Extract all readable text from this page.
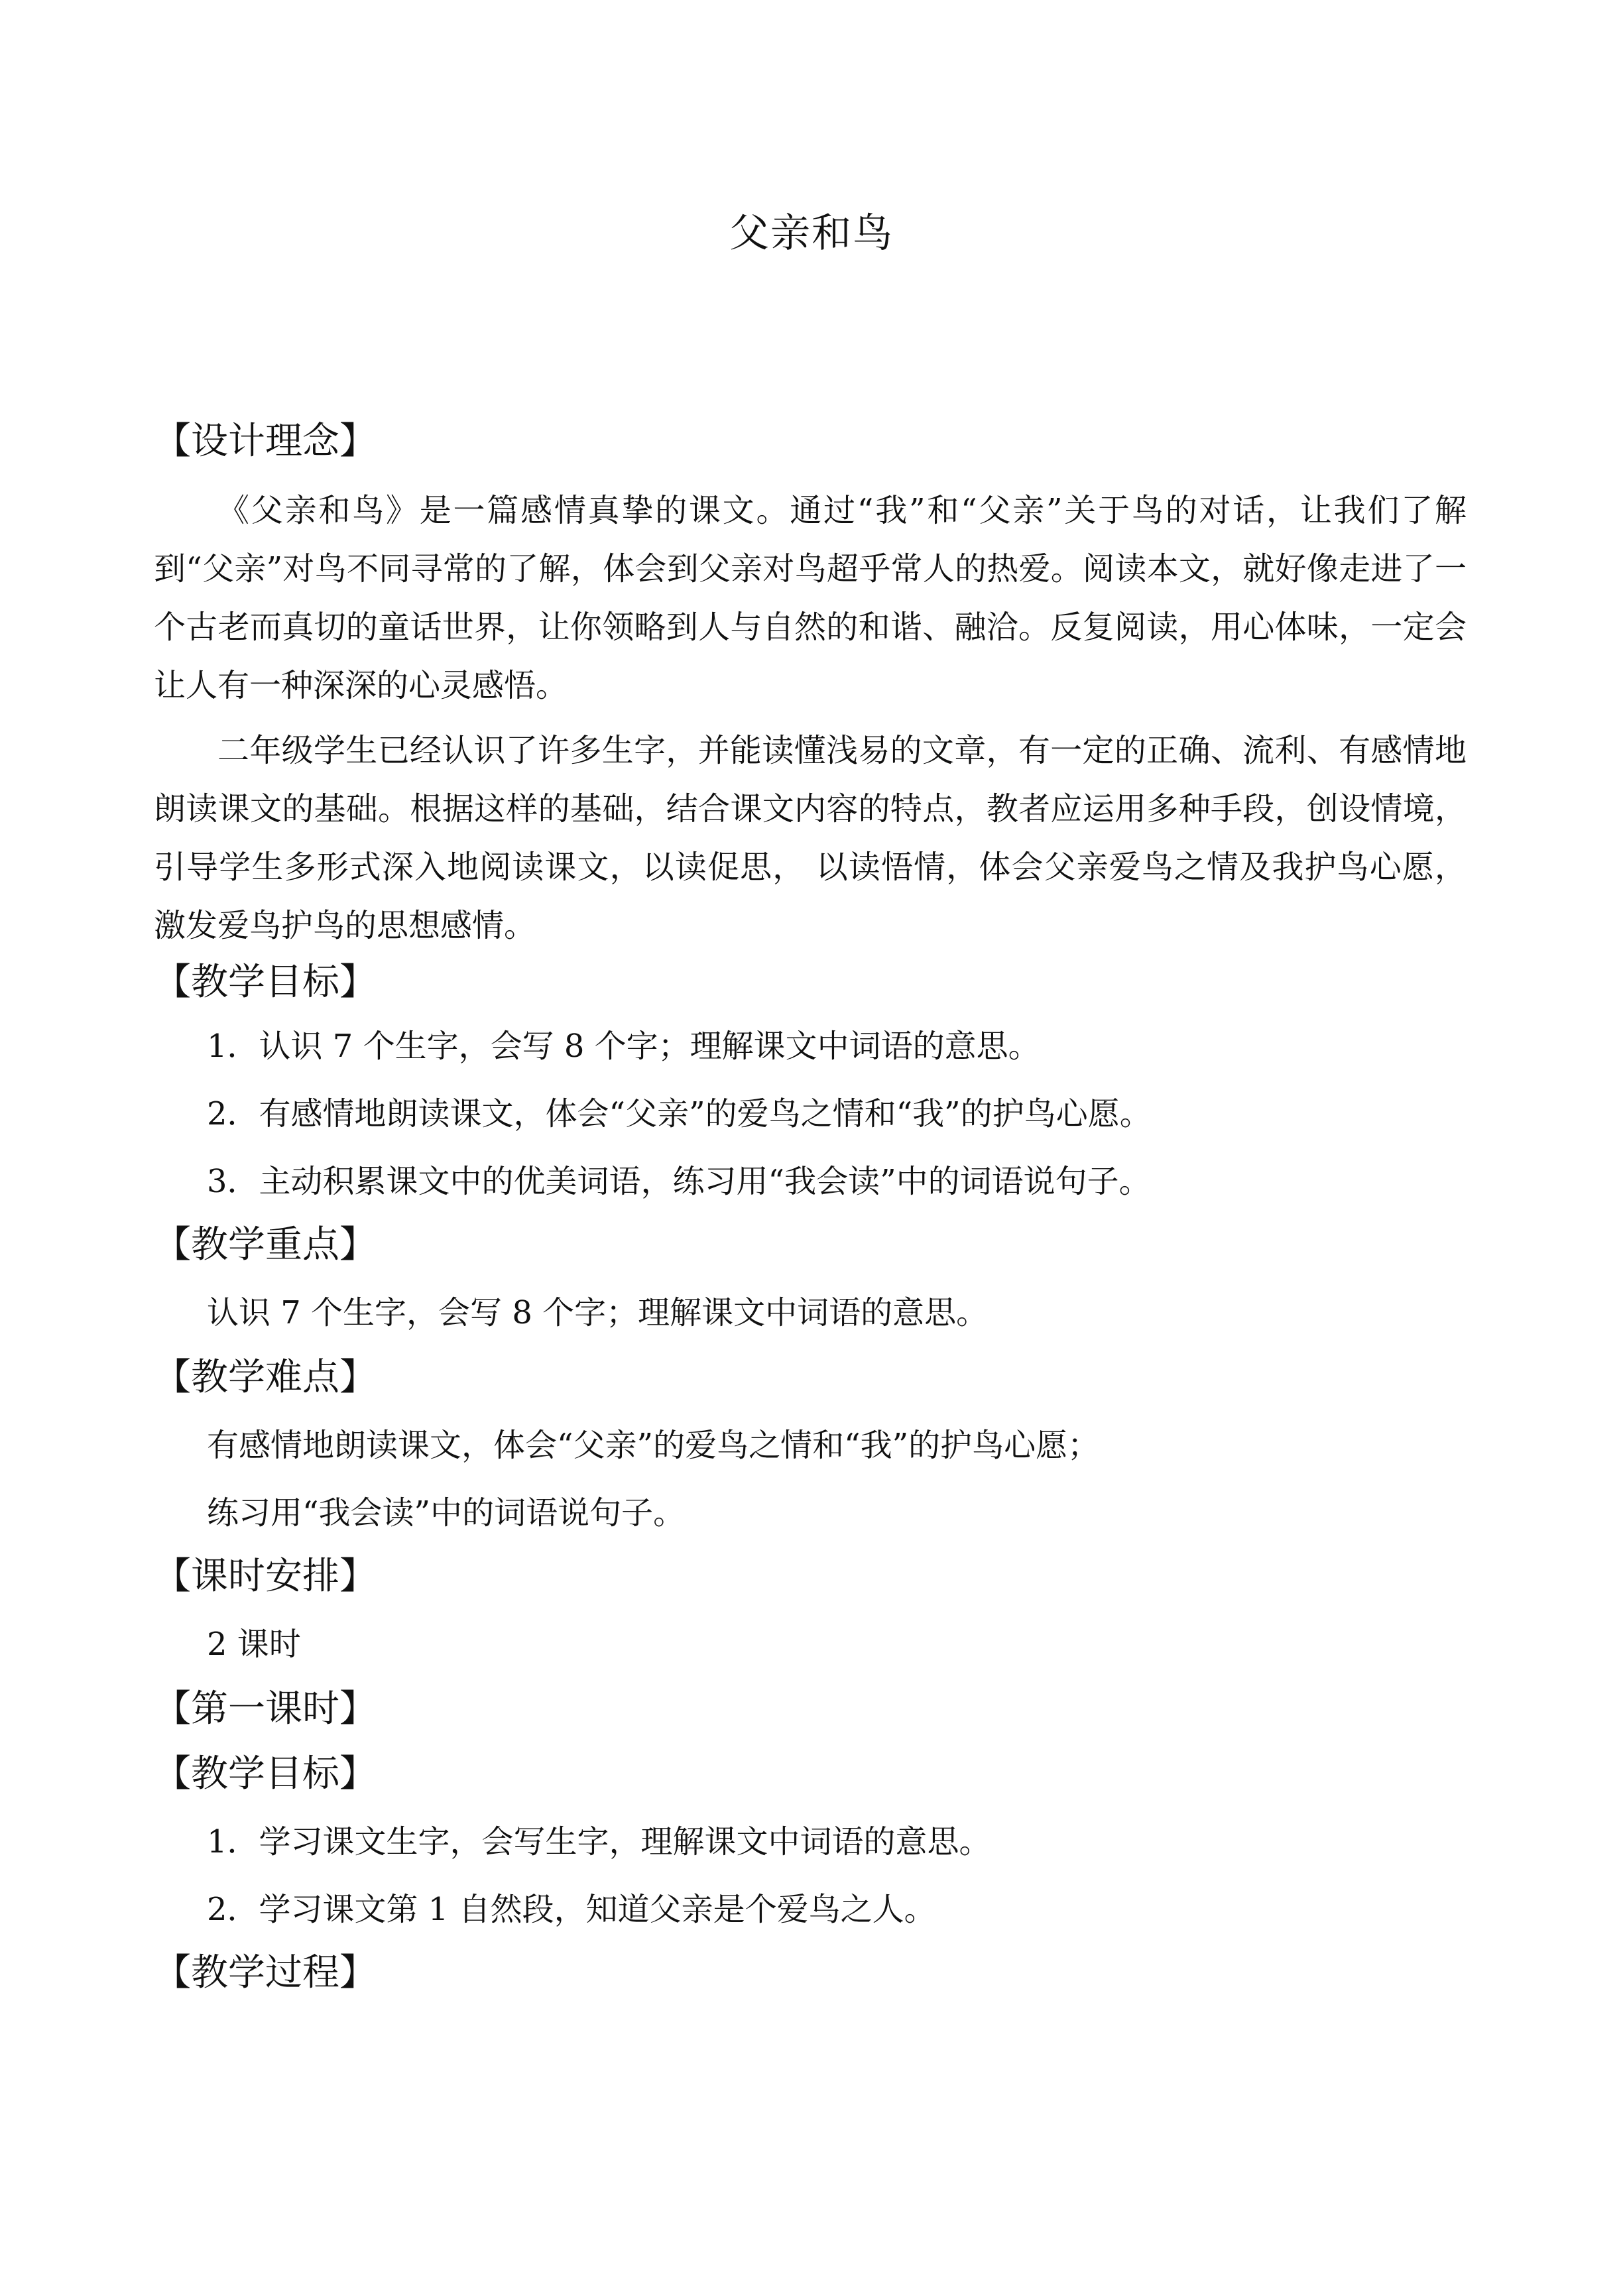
父亲和鸟
【设计理念】

《父亲和鸟》是一篇感情真挚的课文。通过“我”和“父亲”关于鸟的对话，让我们了解到“父亲”对鸟不同寻常的了解，体会到父亲对鸟超乎常人的热爱。阅读本文，就好像走进了一个古老而真切的童话世界，让你领略到人与自然的和谐、融洽。反复阅读，用心体味，一定会让人有一种深深的心灵感悟。

二年级学生已经认识了许多生字，并能读懂浅易的文章，有一定的正确、流利、有感情地朗读课文的基础。根据这样的基础，结合课文内容的特点，教者应运用多种手段，创设情境，引导学生多形式深入地阅读课文，以读促思， 以读悟情，体会父亲爱鸟之情及我护鸟心愿，激发爱鸟护鸟的思想感情。

【教学目标】

1．认识 7 个生字，会写 8 个字；理解课文中词语的意思。

2．有感情地朗读课文，体会“父亲”的爱鸟之情和“我”的护鸟心愿。

3．主动积累课文中的优美词语，练习用“我会读”中的词语说句子。

【教学重点】

认识 7 个生字，会写 8 个字；理解课文中词语的意思。

【教学难点】

有感情地朗读课文，体会“父亲”的爱鸟之情和“我”的护鸟心愿；

练习用“我会读”中的词语说句子。

【课时安排】

2 课时

【第一课时】
【教学目标】

1．学习课文生字，会写生字，理解课文中词语的意思。

2．学习课文第 1 自然段，知道父亲是个爱鸟之人。

【教学过程】
